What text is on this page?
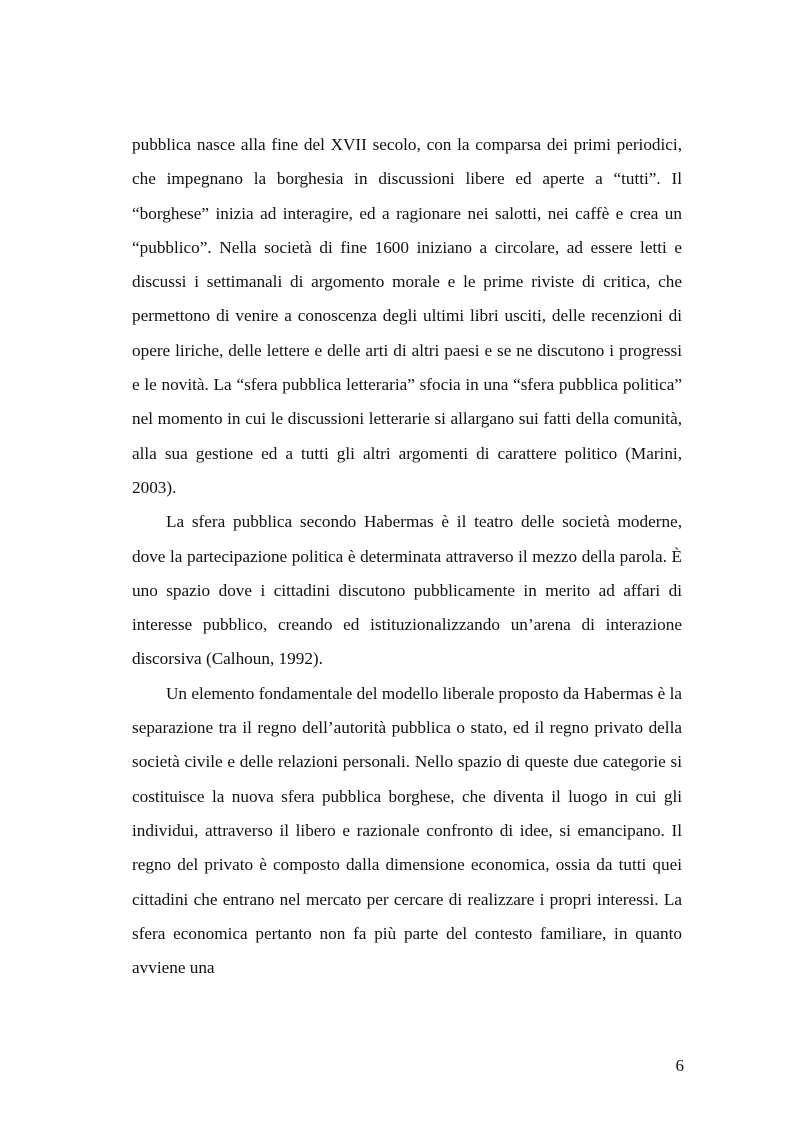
pubblica nasce alla fine del XVII secolo, con la comparsa dei primi periodici, che impegnano la borghesia in discussioni libere ed aperte a “tutti”. Il “borghese” inizia ad interagire, ed a ragionare nei salotti, nei caffè e crea un “pubblico”. Nella società di fine 1600 iniziano a circolare, ad essere letti e discussi i settimanali di argomento morale e le prime riviste di critica, che permettono di venire a conoscenza degli ultimi libri usciti, delle recenzioni di opere liriche, delle lettere e delle arti di altri paesi e se ne discutono i progressi e le novità. La “sfera pubblica letteraria” sfocia in una “sfera pubblica politica” nel momento in cui le discussioni letterarie si allargano sui fatti della comunità, alla sua gestione ed a tutti gli altri argomenti di carattere politico (Marini, 2003).

La sfera pubblica secondo Habermas è il teatro delle società moderne, dove la partecipazione politica è determinata attraverso il mezzo della parola. È uno spazio dove i cittadini discutono pubblicamente in merito ad affari di interesse pubblico, creando ed istituzionalizzando un’arena di interazione discorsiva (Calhoun, 1992).

Un elemento fondamentale del modello liberale proposto da Habermas è la separazione tra il regno dell’autorità pubblica o stato, ed il regno privato della società civile e delle relazioni personali. Nello spazio di queste due categorie si costituisce la nuova sfera pubblica borghese, che diventa il luogo in cui gli individui, attraverso il libero e razionale confronto di idee, si emancipano. Il regno del privato è composto dalla dimensione economica, ossia da tutti quei cittadini che entrano nel mercato per cercare di realizzare i propri interessi. La sfera economica pertanto non fa più parte del contesto familiare, in quanto avviene una

6
